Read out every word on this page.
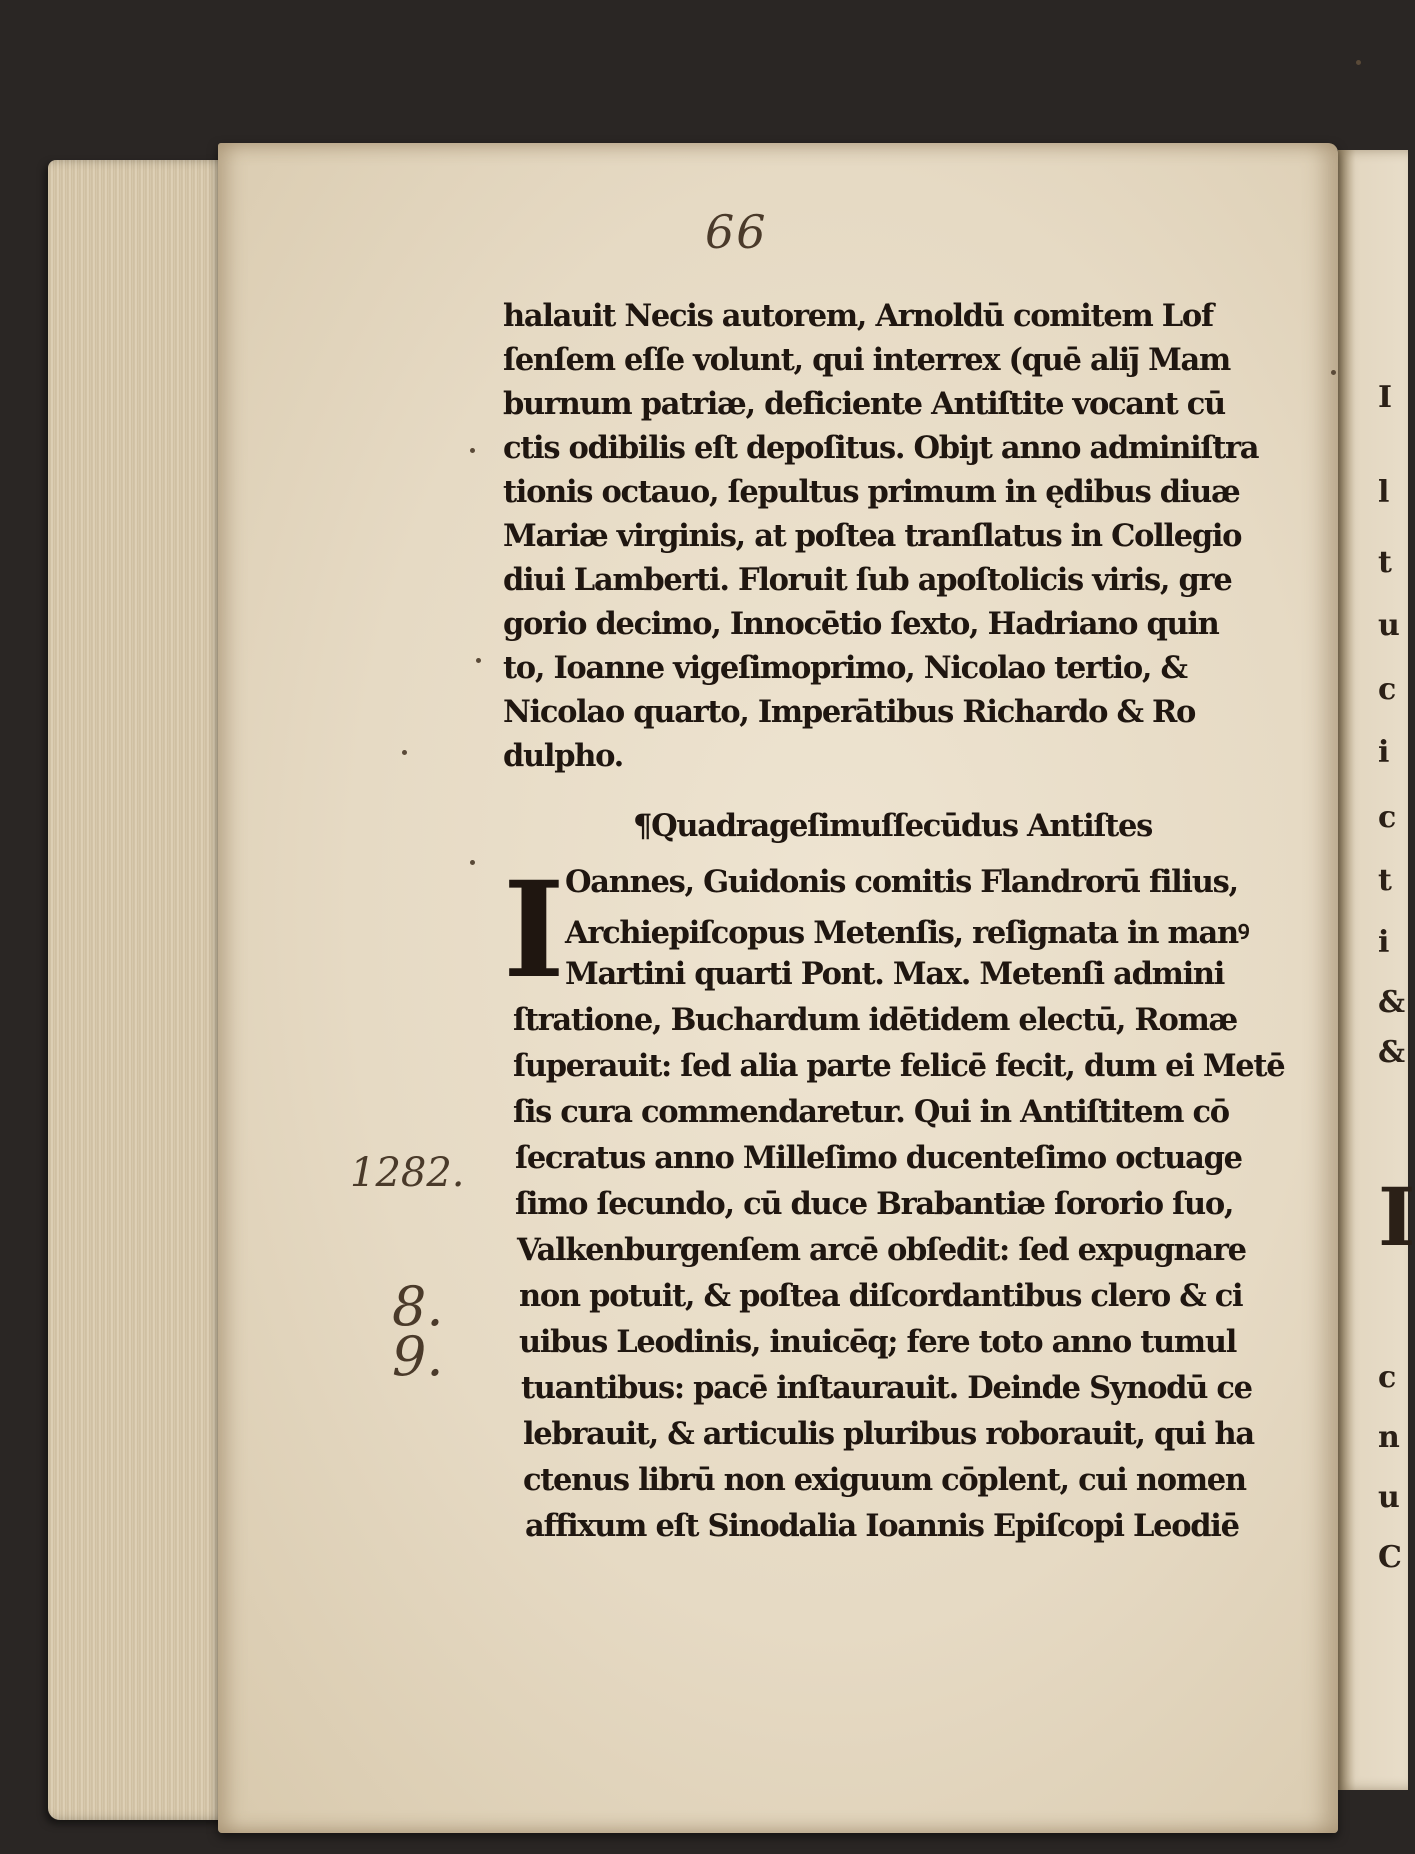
I
l
t
u
c
i
c
t
i
&
&
I
c
n
u
C
66
halauit Necis autorem, Arnoldū comitem Lof
ſenſem eſſe volunt, qui interrex (quē aliȷ̄ Mam
burnum patriæ, deficiente Antiſtite vocant cū
ctis odibilis eſt depoſitus. Obiȷt anno adminiſtra
tionis octauo, ſepultus primum in ędibus diuæ
Mariæ virginis, at poſtea tranſlatus in Collegio
diui Lamberti. Floruit ſub apoſtolicis viris, gre
gorio decimo, Innocētio ſexto, Hadriano quin
to, Ioanne vigeſimoprimo, Nicolao tertio, &
Nicolao quarto, Imperātibus Richardo & Ro
dulpho.
¶Quadrageſimuſſecūdus Antiſtes
Oannes, Guidonis comitis Flandrorū filius,
Archiepiſcopus Metenſis, reſignata in manꝰ
Martini quarti Pont. Max. Metenſi admini
ſtratione, Buchardum idētidem electū, Romæ
ſuperauit: ſed alia parte felicē fecit, dum ei Metē
ſis cura commendaretur. Qui in Antiſtitem cō
ſecratus anno Milleſimo ducenteſimo octuage
ſimo ſecundo, cū duce Brabantiæ ſororio ſuo,
Valkenburgenſem arcē obſedit: ſed expugnare
non potuit, & poſtea diſcordantibus clero & ci
uibus Leodinis, inuicēq; fere toto anno tumul
tuantibus: pacē inſtaurauit. Deinde Synodū ce
lebrauit, & articulis pluribus roborauit, qui ha
ctenus librū non exiguum cōplent, cui nomen
affixum eſt Sinodalia Ioannis Epiſcopi Leodiē
I
1282.
8.
9.
